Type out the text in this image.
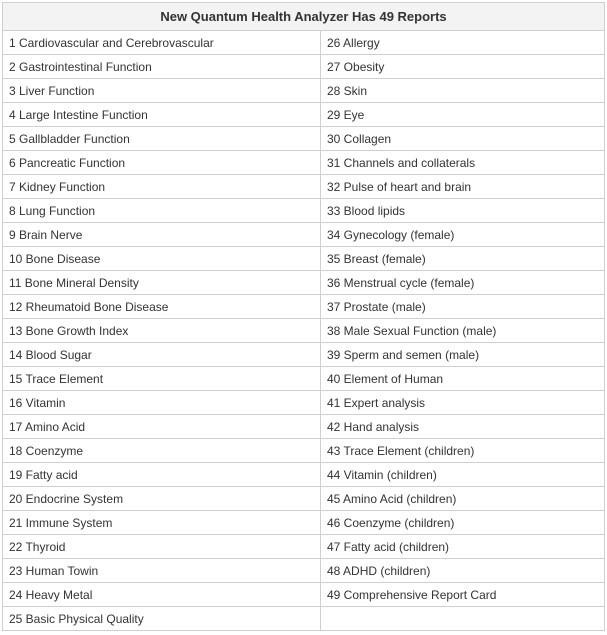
New Quantum Health Analyzer Has 49 Reports	
1 Cardiovascular and Cerebrovascular	26 Allergy
2 Gastrointestinal Function	27 Obesity
3 Liver Function	28 Skin
4 Large Intestine Function	29 Eye
5 Gallbladder Function	30 Collagen
6 Pancreatic Function	31 Channels and collaterals
7 Kidney Function	32 Pulse of heart and brain
8 Lung Function	33 Blood lipids
9 Brain Nerve	34 Gynecology (female)
10 Bone Disease	35 Breast (female)
11 Bone Mineral Density	36 Menstrual cycle (female)
12 Rheumatoid Bone Disease	37 Prostate (male)
13 Bone Growth Index	38 Male Sexual Function (male)
14 Blood Sugar	39 Sperm and semen (male)
15 Trace Element	40 Element of Human
16 Vitamin	41 Expert analysis
17 Amino Acid	42 Hand analysis
18 Coenzyme	43 Trace Element (children)
19 Fatty acid	44 Vitamin (children)
20 Endocrine System	45 Amino Acid (children)
21 Immune System	46 Coenzyme (children)
22 Thyroid	47 Fatty acid (children)
23 Human Towin	48 ADHD (children)
24 Heavy Metal	49 Comprehensive Report Card
25 Basic Physical Quality	
